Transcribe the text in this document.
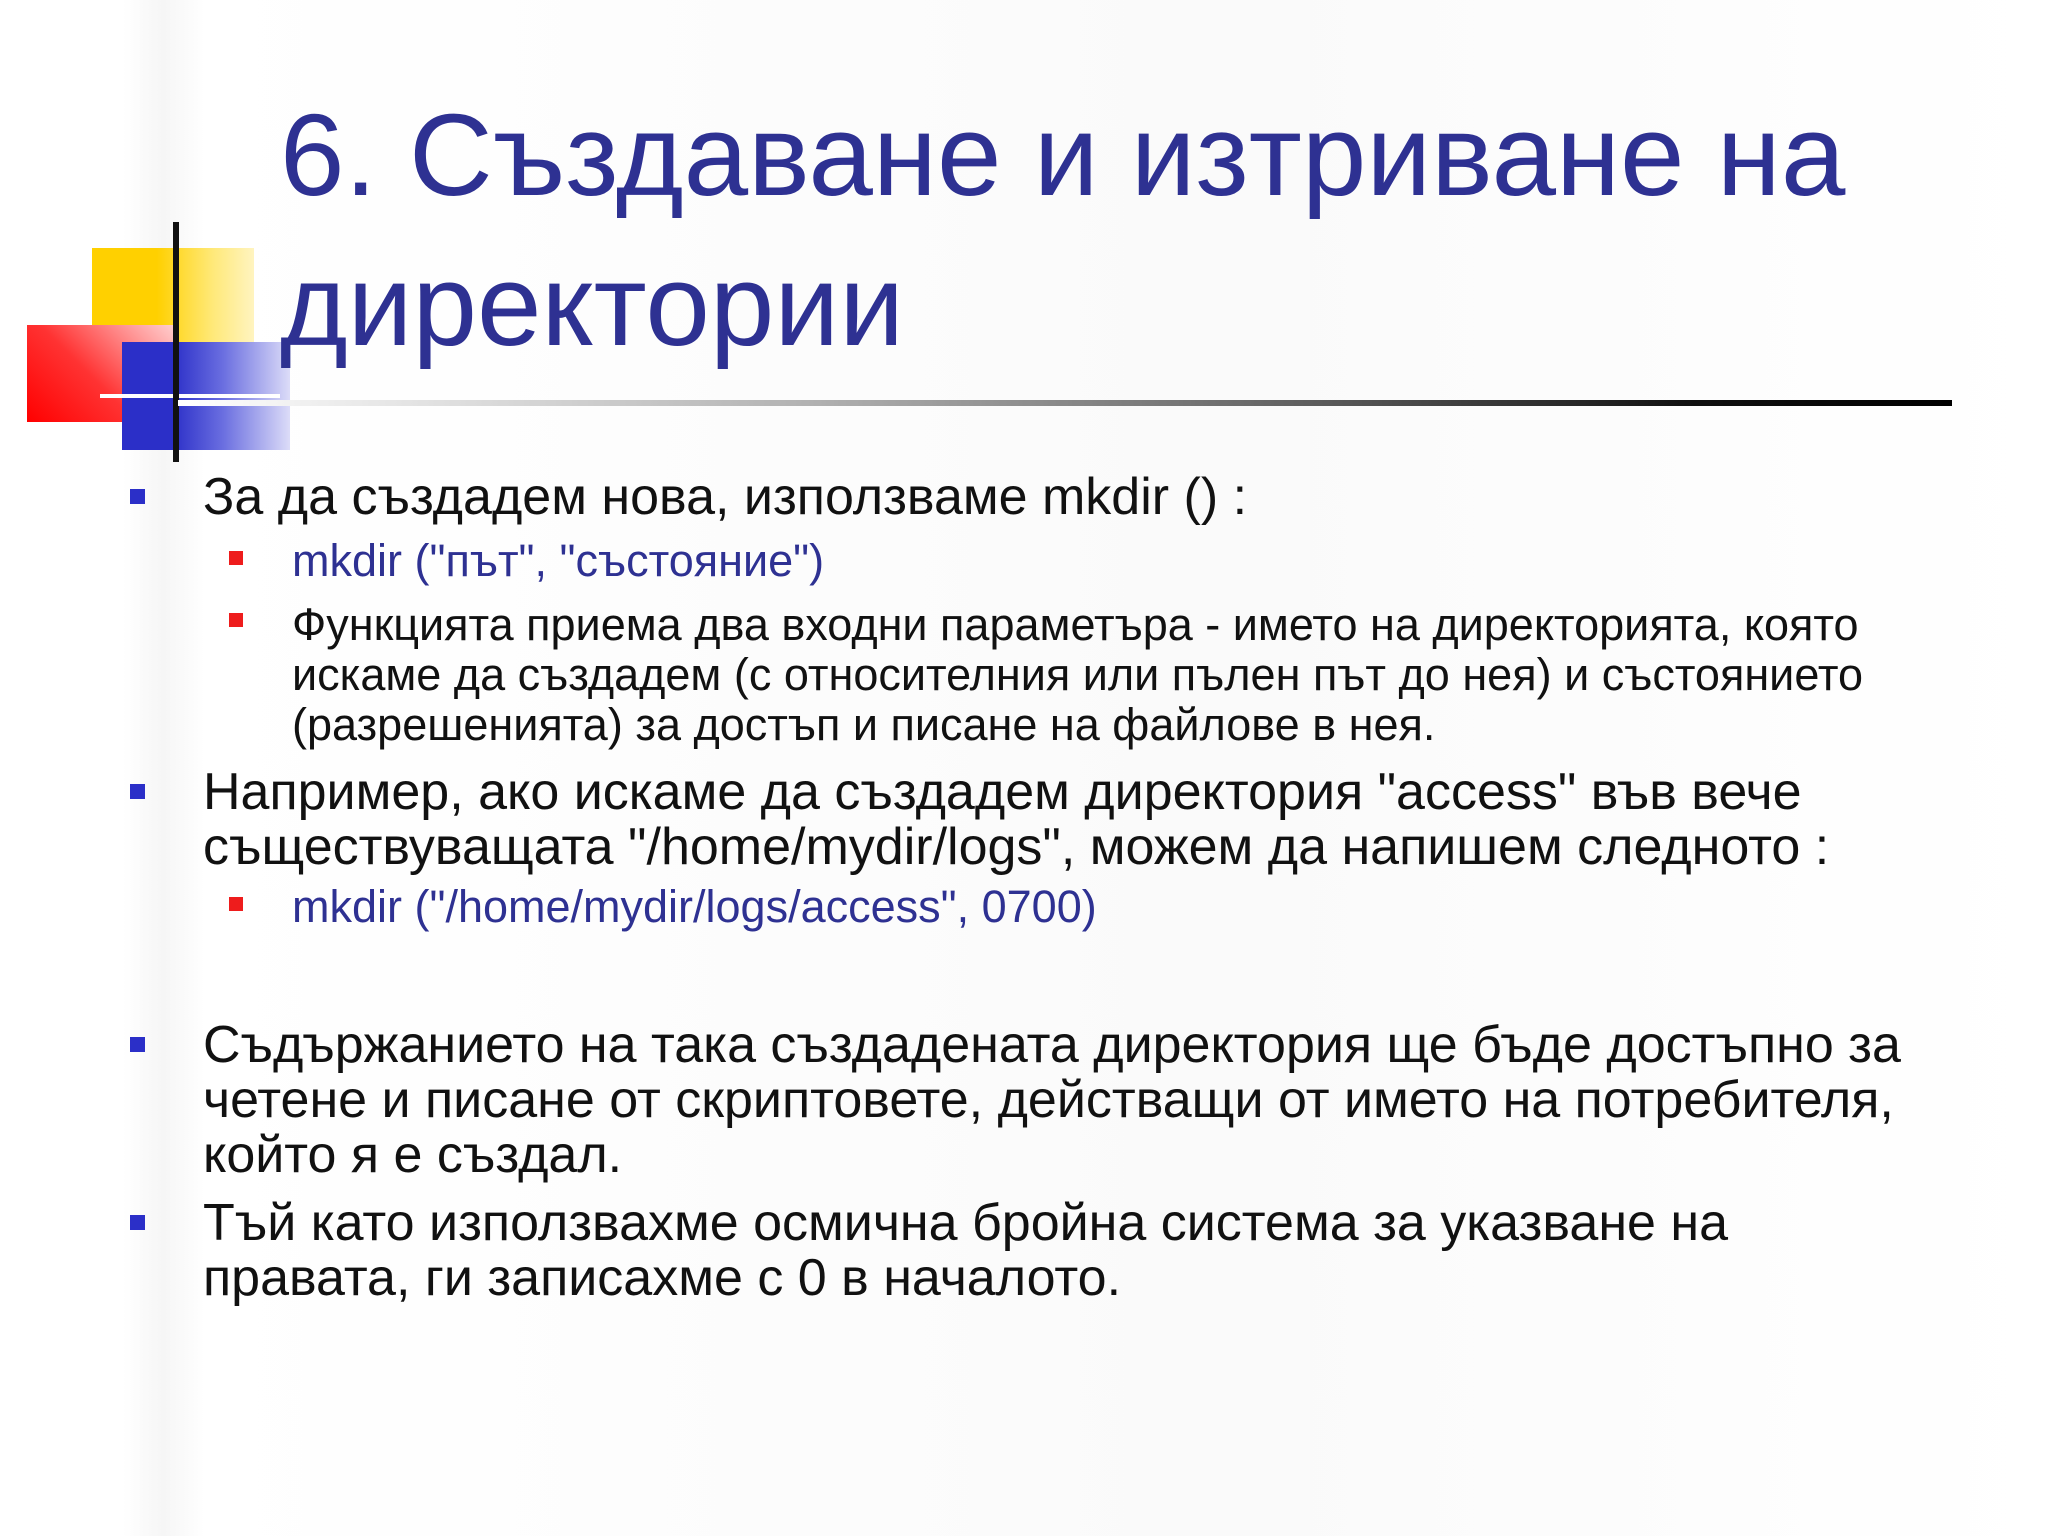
6. Създаване и изтриване на директории
За да създадем нова, използваме mkdir () :
mkdir ("път", "състояние")
Функцията приема два входни параметъра - името на директорията, която искаме да създадем (с относителния или пълен път до нея) и състоянието (разрешенията) за достъп и писане на файлове в нея.
Например, ако искаме да създадем директория "access" във вече съществуващата "/home/mydir/logs", можем да напишем следното :
mkdir ("/home/mydir/logs/access", 0700)
Съдържанието на така създадената директория ще бъде достъпно за четене и писане от скриптовете, действащи от името на потребителя, който я е създал.
Тъй като използвахме осмична бройна система за указване на правата, ги записахме с 0 в началото.
